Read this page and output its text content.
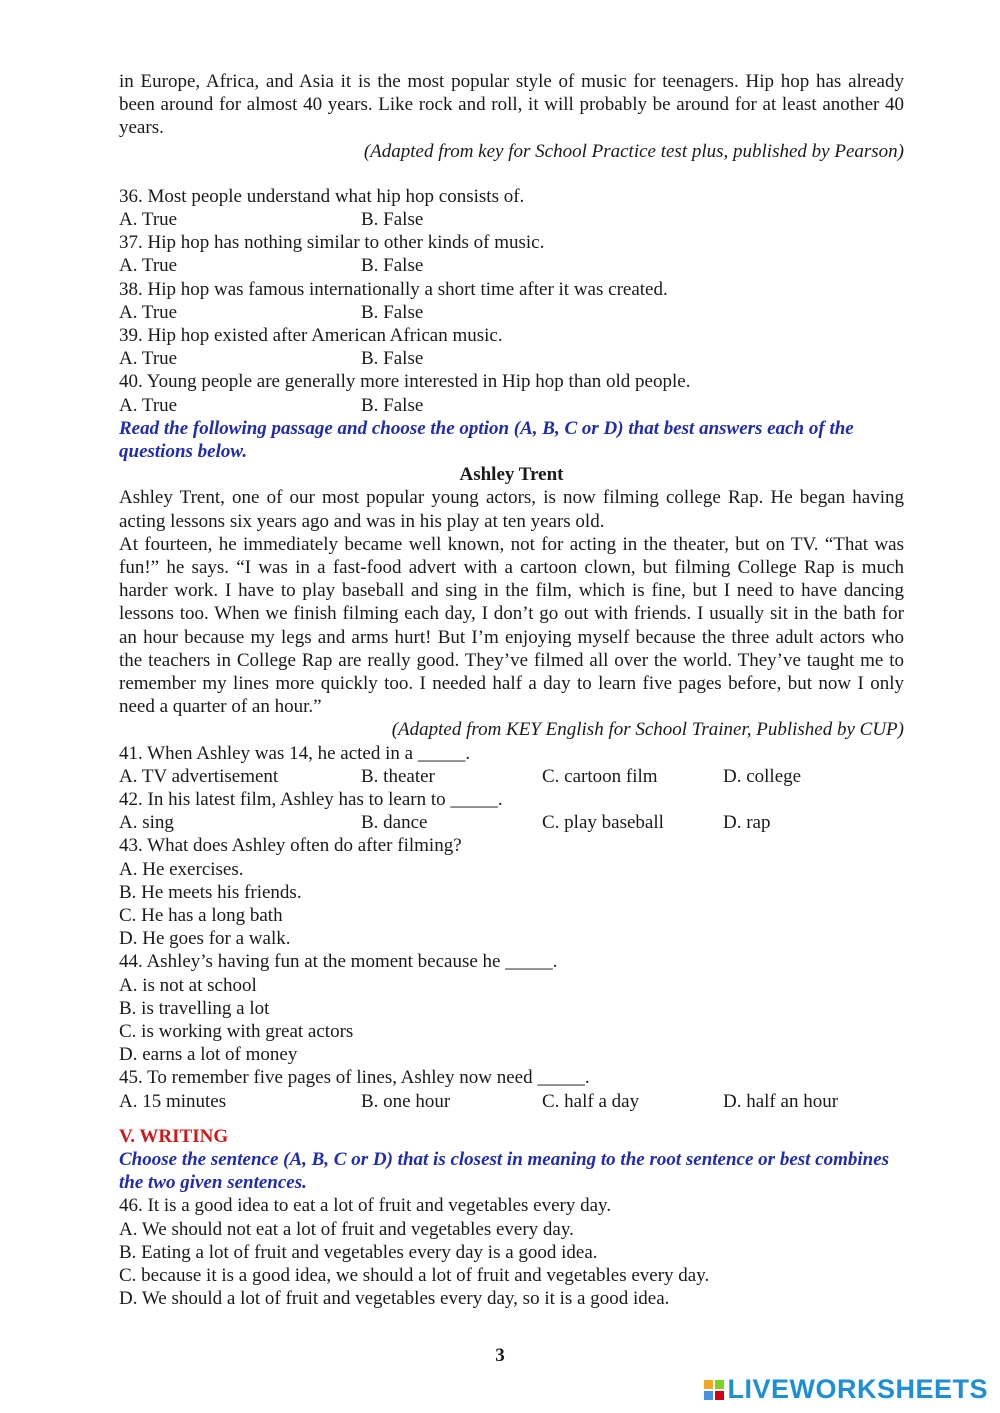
in Europe, Africa, and Asia it is the most popular style of music for teenagers. Hip hop has already been around for almost 40 years. Like rock and roll, it will probably be around for at least another 40 years.
(Adapted from key for School Practice test plus, published by Pearson)
36. Most people understand what hip hop consists of.
A. True	B. False
37. Hip hop has nothing similar to other kinds of music.
A. True	B. False
38. Hip hop was famous internationally a short time after it was created.
A. True	B. False
39. Hip hop existed after American African music.
A. True	B. False
40. Young people are generally more interested in Hip hop than old people.
A. True	B. False
Read the following passage and choose the option (A, B, C or D) that best answers each of the questions below.
Ashley Trent
Ashley Trent, one of our most popular young actors, is now filming college Rap. He began having acting lessons six years ago and was in his play at ten years old.
At fourteen, he immediately became well known, not for acting in the theater, but on TV. “That was fun!” he says. “I was in a fast-food advert with a cartoon clown, but filming College Rap is much harder work. I have to play baseball and sing in the film, which is fine, but I need to have dancing lessons too. When we finish filming each day, I don’t go out with friends. I usually sit in the bath for an hour because my legs and arms hurt! But I’m enjoying myself because the three adult actors who the teachers in College Rap are really good. They’ve filmed all over the world. They’ve taught me to remember my lines more quickly too. I needed half a day to learn five pages before, but now I only need a quarter of an hour.”
(Adapted from KEY English for School Trainer, Published by CUP)
41. When Ashley was 14, he acted in a _____.
A. TV advertisement	B. theater	C. cartoon film	D. college
42. In his latest film, Ashley has to learn to _____.
A. sing	B. dance	C. play baseball	D. rap
43. What does Ashley often do after filming?
A. He exercises.
B. He meets his friends.
C. He has a long bath
D. He goes for a walk.
44. Ashley’s having fun at the moment because he _____.
A. is not at school
B. is travelling a lot
C. is working with great actors
D. earns a lot of money
45. To remember five pages of lines, Ashley now need _____.
A. 15 minutes	B. one hour	C. half a day	D. half an hour
V. WRITING
Choose the sentence (A, B, C or D) that is closest in meaning to the root sentence or best combines the two given sentences.
46. It is a good idea to eat a lot of fruit and vegetables every day.
A. We should not eat a lot of fruit and vegetables every day.
B. Eating a lot of fruit and vegetables every day is a good idea.
C. because it is a good idea, we should a lot of fruit and vegetables every day.
D. We should a lot of fruit and vegetables every day, so it is a good idea.
3
LIVEWORKSHEETS
